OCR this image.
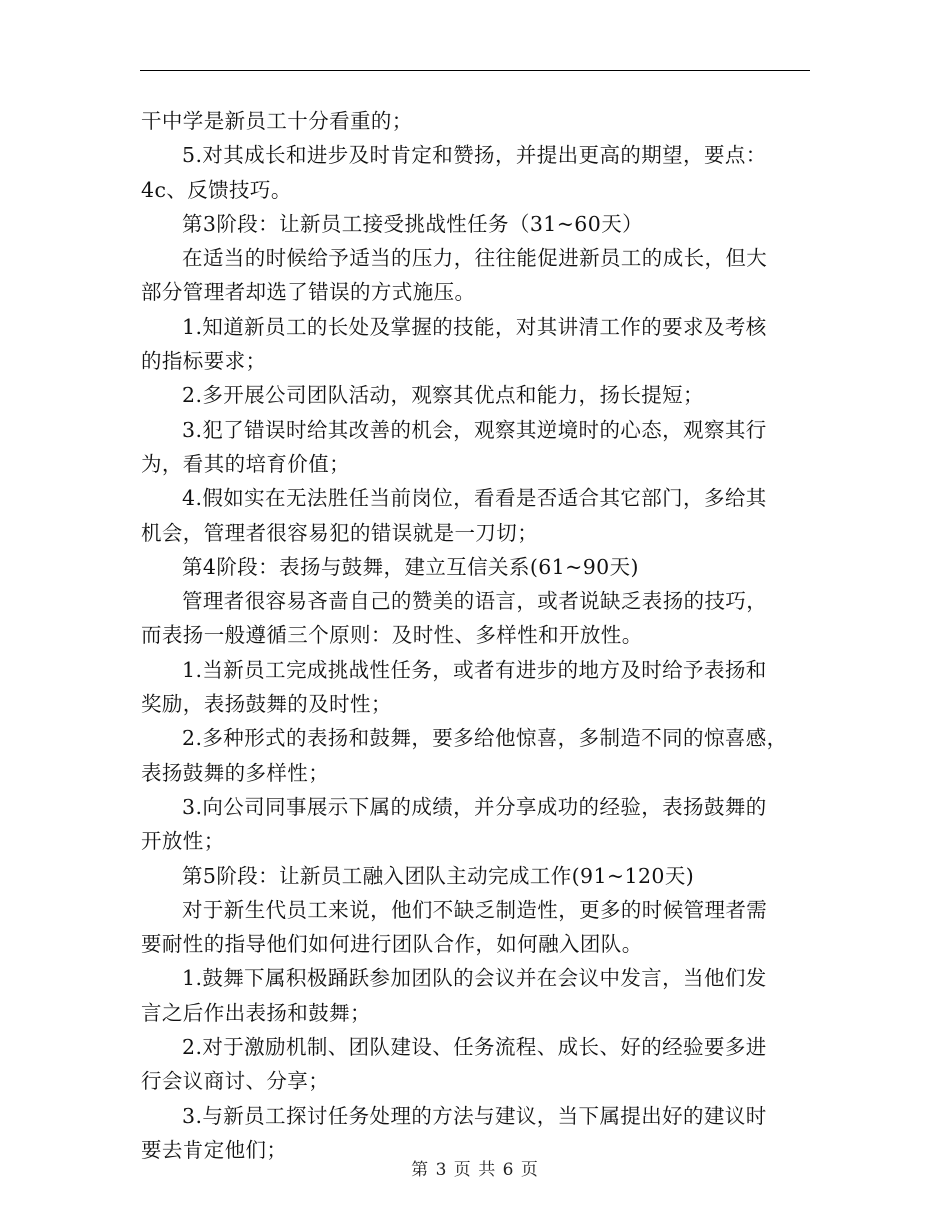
干中学是新员工十分看重的；
5.对其成长和进步及时肯定和赞扬，并提出更高的期望，要点：
4c、反馈技巧。
第3阶段：让新员工接受挑战性任务（31~60天）
在适当的时候给予适当的压力，往往能促进新员工的成长，但大
部分管理者却选了错误的方式施压。
1.知道新员工的长处及掌握的技能，对其讲清工作的要求及考核
的指标要求；
2.多开展公司团队活动，观察其优点和能力，扬长提短；
3.犯了错误时给其改善的机会，观察其逆境时的心态，观察其行
为，看其的培育价值；
4.假如实在无法胜任当前岗位，看看是否适合其它部门，多给其
机会，管理者很容易犯的错误就是一刀切；
第4阶段：表扬与鼓舞，建立互信关系(61~90天)
管理者很容易吝啬自己的赞美的语言，或者说缺乏表扬的技巧，
而表扬一般遵循三个原则：及时性、多样性和开放性。
1.当新员工完成挑战性任务，或者有进步的地方及时给予表扬和
奖励，表扬鼓舞的及时性；
2.多种形式的表扬和鼓舞，要多给他惊喜，多制造不同的惊喜感，
表扬鼓舞的多样性；
3.向公司同事展示下属的成绩，并分享成功的经验，表扬鼓舞的
开放性；
第5阶段：让新员工融入团队主动完成工作(91~120天)
对于新生代员工来说，他们不缺乏制造性，更多的时候管理者需
要耐性的指导他们如何进行团队合作，如何融入团队。
1.鼓舞下属积极踊跃参加团队的会议并在会议中发言，当他们发
言之后作出表扬和鼓舞；
2.对于激励机制、团队建设、任务流程、成长、好的经验要多进
行会议商讨、分享；
3.与新员工探讨任务处理的方法与建议，当下属提出好的建议时
要去肯定他们；
第 3 页 共 6 页
